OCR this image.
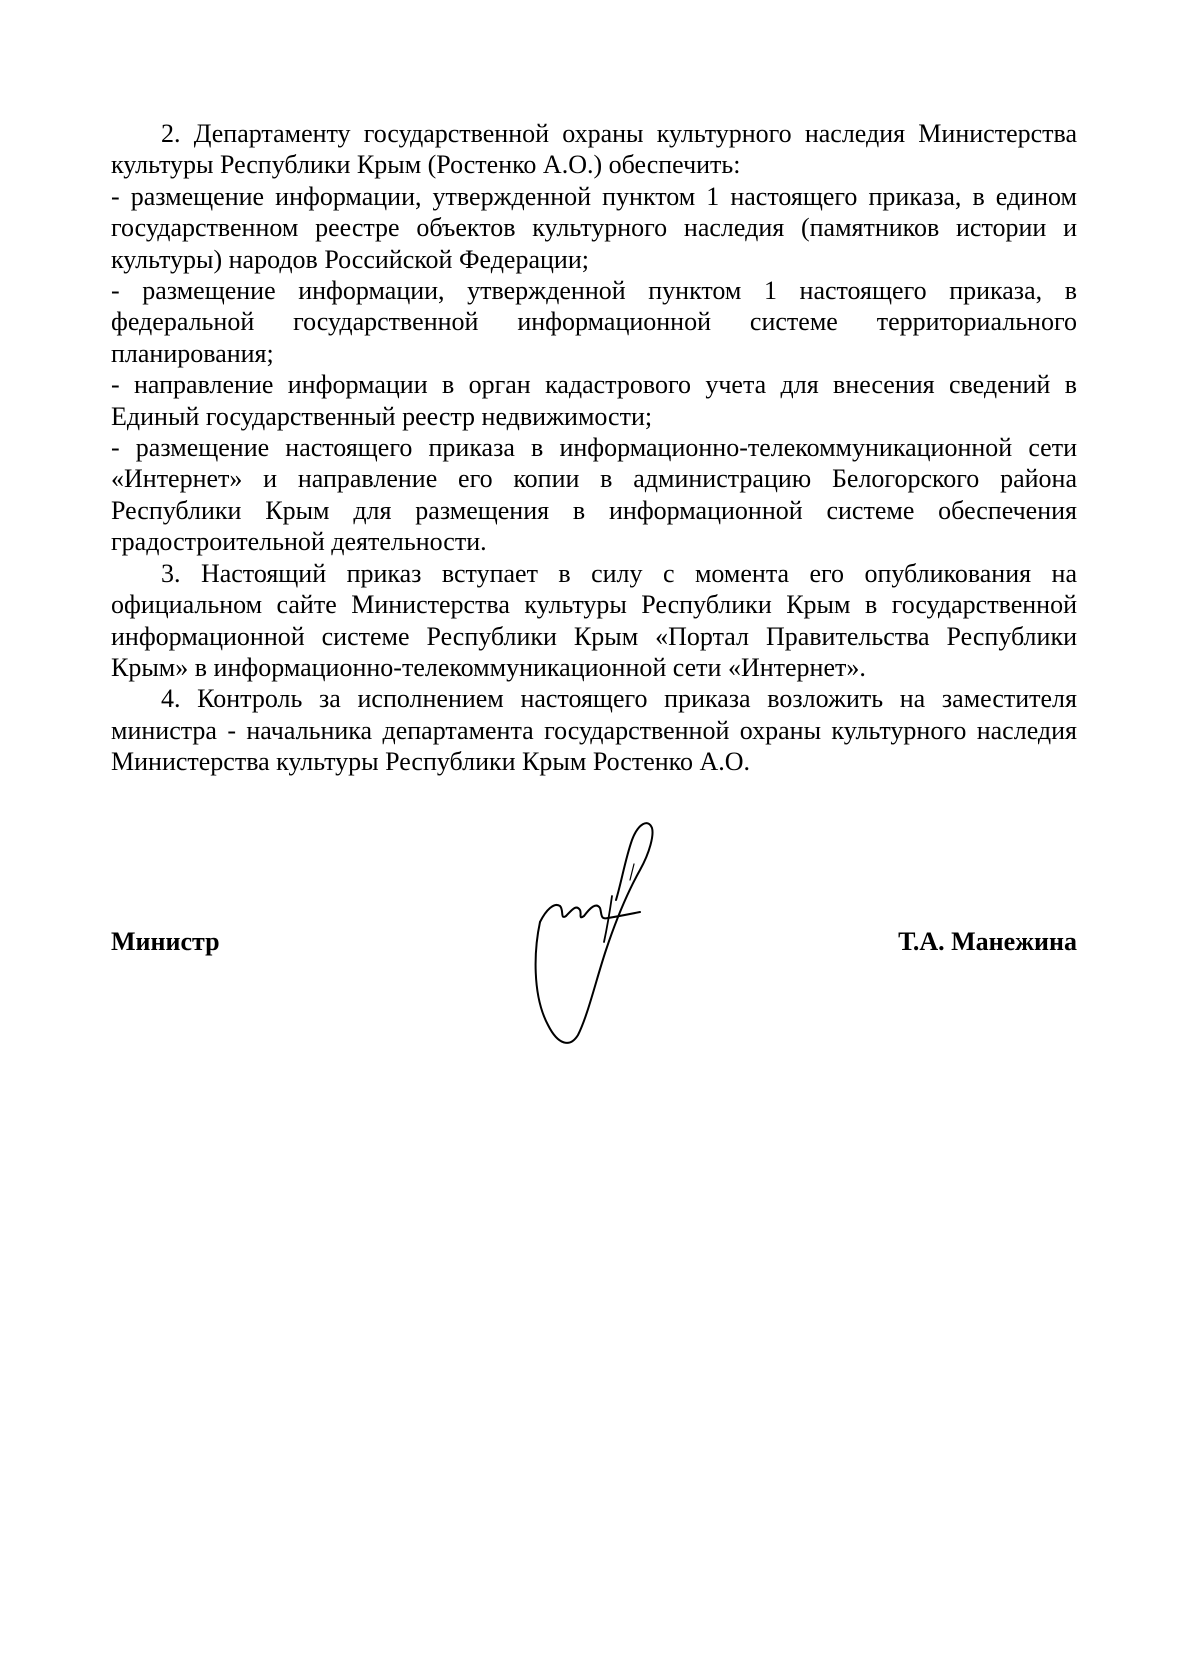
2. Департаменту государственной охраны культурного наследия Министерства культуры Республики Крым (Ростенко А.О.) обеспечить:

- размещение информации, утвержденной пунктом 1 настоящего приказа, в едином государственном реестре объектов культурного наследия (памятников истории и культуры) народов Российской Федерации;

- размещение информации, утвержденной пунктом 1 настоящего приказа, в федеральной государственной информационной системе территориального планирования;

- направление информации в орган кадастрового учета для внесения сведений в Единый государственный реестр недвижимости;

- размещение настоящего приказа в информационно-телекоммуникационной сети «Интернет» и направление его копии в администрацию Белогорского района Республики Крым для размещения в информационной системе обеспечения градостроительной деятельности.

3. Настоящий приказ вступает в силу с момента его опубликования на официальном сайте Министерства культуры Республики Крым в государственной информационной системе Республики Крым «Портал Правительства Республики Крым» в информационно-телекоммуникационной сети «Интернет».

4. Контроль за исполнением настоящего приказа возложить на заместителя министра - начальника департамента государственной охраны культурного наследия Министерства культуры Республики Крым Ростенко А.О.

Министр	Т.А. Манежина
